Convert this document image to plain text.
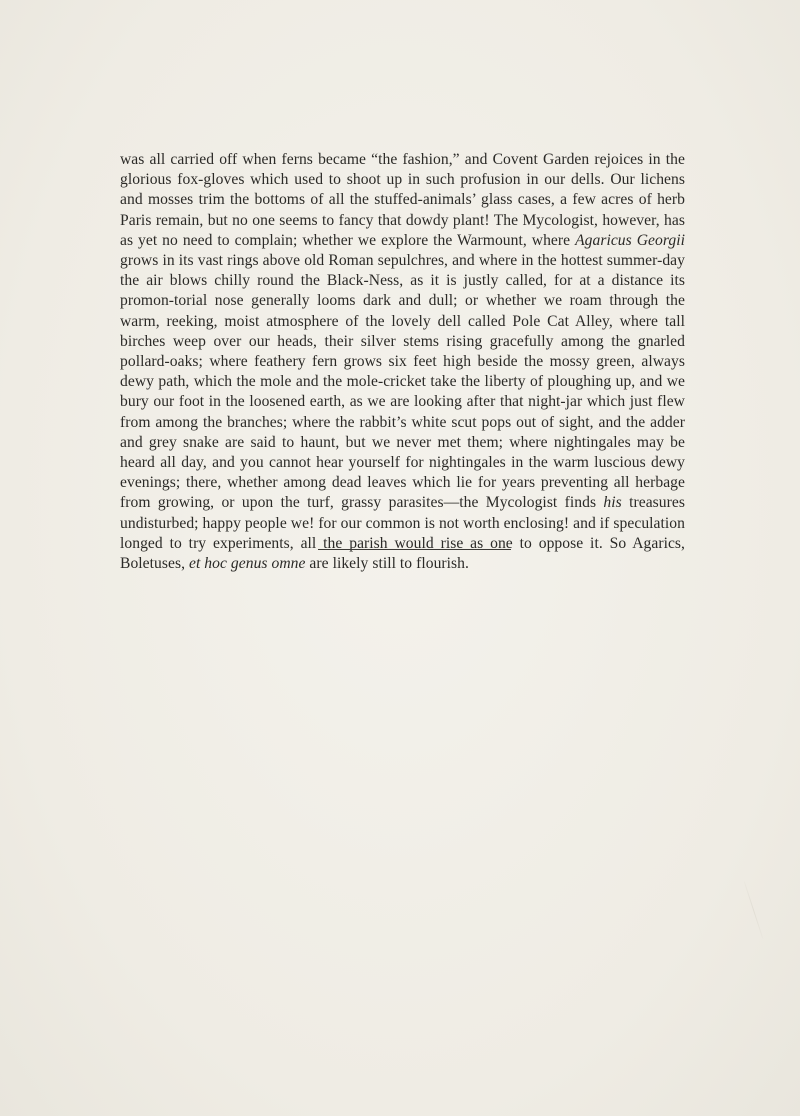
was all carried off when ferns became “the fashion,” and Covent Garden rejoices in the glorious fox-gloves which used to shoot up in such profusion in our dells. Our lichens and mosses trim the bottoms of all the stuffed-animals’ glass cases, a few acres of herb Paris remain, but no one seems to fancy that dowdy plant! The Mycologist, however, has as yet no need to complain; whether we explore the Warmount, where Agaricus Georgii grows in its vast rings above old Roman sepulchres, and where in the hottest summer-day the air blows chilly round the Black-Ness, as it is justly called, for at a distance its promon-torial nose generally looms dark and dull; or whether we roam through the warm, reeking, moist atmosphere of the lovely dell called Pole Cat Alley, where tall birches weep over our heads, their silver stems rising gracefully among the gnarled pollard-oaks; where feathery fern grows six feet high beside the mossy green, always dewy path, which the mole and the mole-cricket take the liberty of ploughing up, and we bury our foot in the loosened earth, as we are looking after that night-jar which just flew from among the branches; where the rabbit’s white scut pops out of sight, and the adder and grey snake are said to haunt, but we never met them; where nightingales may be heard all day, and you cannot hear yourself for nightingales in the warm luscious dewy evenings; there, whether among dead leaves which lie for years preventing all herbage from growing, or upon the turf, grassy parasites—the Mycologist finds his treasures undisturbed; happy people we! for our common is not worth enclosing! and if speculation longed to try experiments, all the parish would rise as one to oppose it. So Agarics, Boletuses, et hoc genus omne are likely still to flourish.
